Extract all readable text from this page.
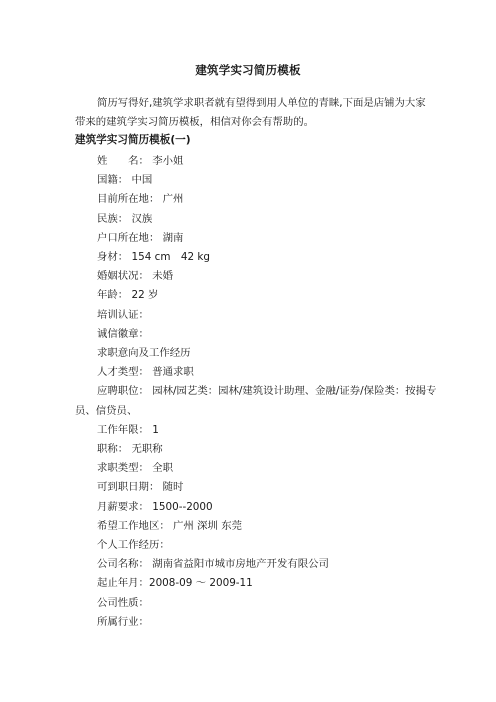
建筑学实习简历模板

简历写得好,建筑学求职者就有望得到用人单位的青睐,下面是店铺为大家带来的建筑学实习简历模板，相信对你会有帮助的。

建筑学实习简历模板(一)
姓　　名： 李小姐
国籍： 中国
目前所在地： 广州
民族： 汉族
户口所在地： 湖南
身材： 154 cm　42 kg
婚姻状况： 未婚
年龄： 22 岁
培训认证：
诚信徽章：
求职意向及工作经历
人才类型： 普通求职
应聘职位： 园林/园艺类：园林/建筑设计助理、金融/证券/保险类：按揭专员、信贷员、
工作年限： 1
职称： 无职称
求职类型： 全职
可到职日期： 随时
月薪要求： 1500--2000
希望工作地区： 广州 深圳 东莞
个人工作经历：
公司名称： 湖南省益阳市城市房地产开发有限公司
起止年月：2008-09 ～ 2009-11
公司性质：
所属行业：
